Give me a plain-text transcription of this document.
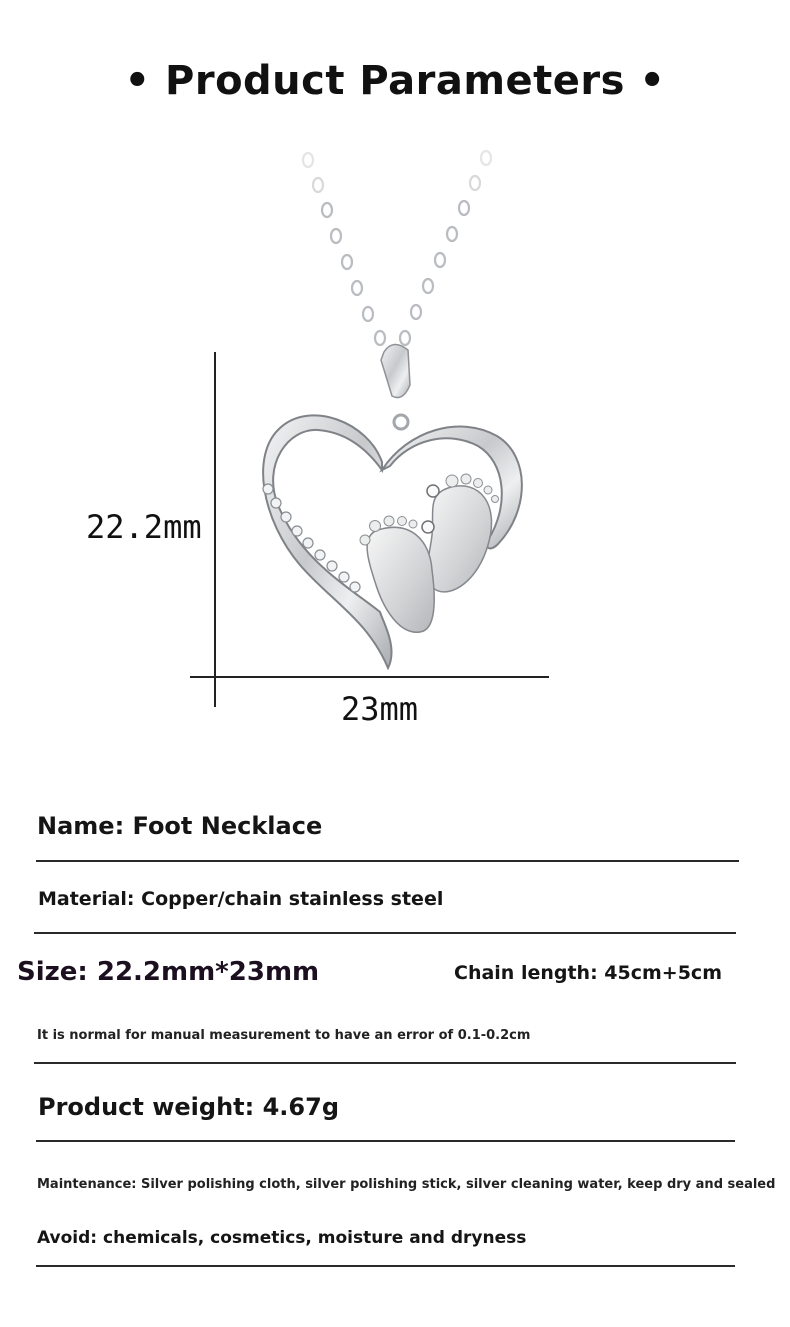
• Product Parameters •
22.2mm
23mm
Name: Foot Necklace
Material: Copper/chain stainless steel
Size: 22.2mm*23mm	Chain length: 45cm+5cm
It is normal for manual measurement to have an error of 0.1-0.2cm
Product weight: 4.67g
Maintenance: Silver polishing cloth, silver polishing stick, silver cleaning water, keep dry and sealed
Avoid: chemicals, cosmetics, moisture and dryness
